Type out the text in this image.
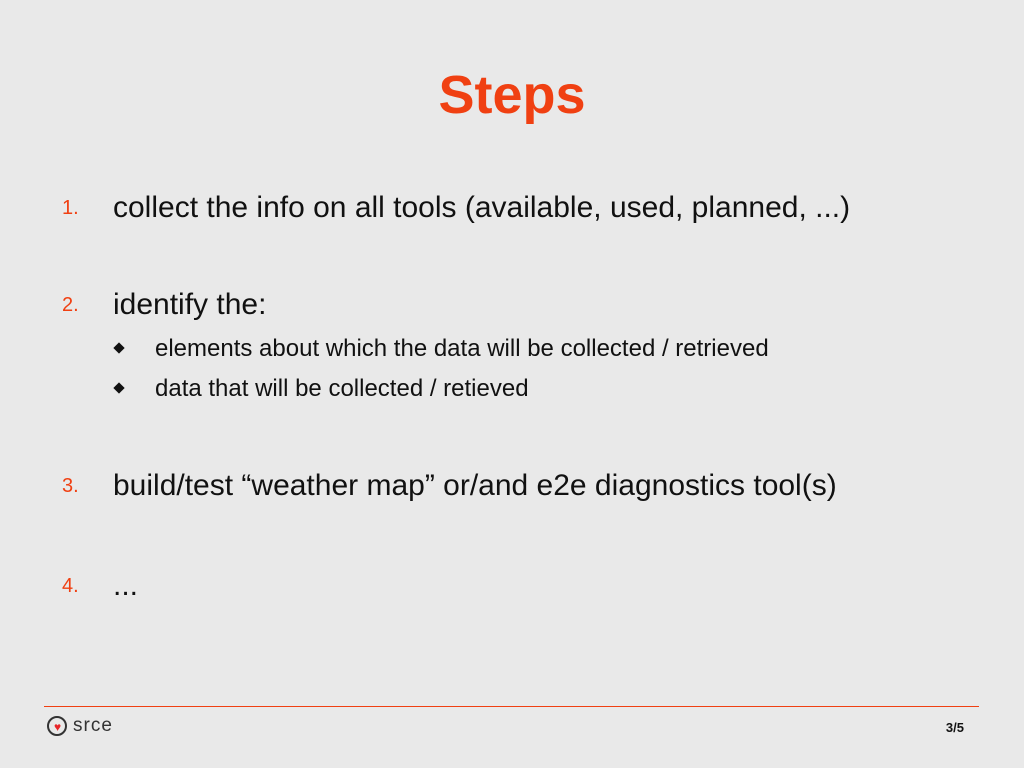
Steps
1. collect the info on all tools (available, used, planned, ...)
2. identify the:
elements about which the data will be collected / retrieved
data that will be collected / retieved
3. build/test “weather map” or/and e2e diagnostics tool(s)
4. ...
♥ srce	3/5
